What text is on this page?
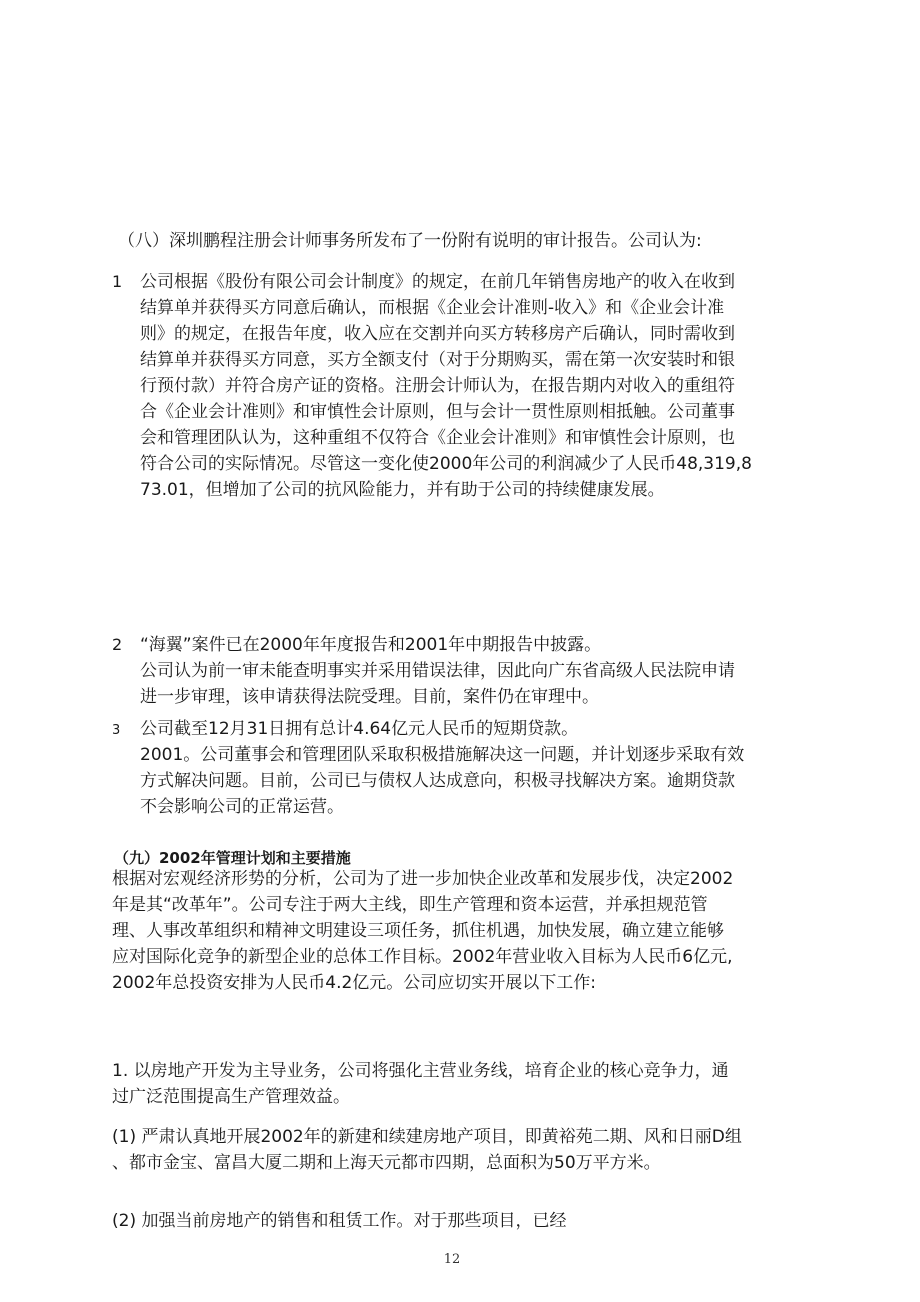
（八）深圳鹏程注册会计师事务所发布了一份附有说明的审计报告。公司认为:
1 公司根据《股份有限公司会计制度》的规定，在前几年销售房地产的收入在收到
结算单并获得买方同意后确认，而根据《企业会计准则-收入》和《企业会计准
则》的规定，在报告年度，收入应在交割并向买方转移房产后确认，同时需收到
结算单并获得买方同意，买方全额支付（对于分期购买，需在第一次安装时和银
行预付款）并符合房产证的资格。注册会计师认为，在报告期内对收入的重组符
合《企业会计准则》和审慎性会计原则，但与会计一贯性原则相抵触。公司董事
会和管理团队认为，这种重组不仅符合《企业会计准则》和审慎性会计原则，也
符合公司的实际情况。尽管这一变化使2000年公司的利润减少了人民币48,319,8
73.01，但增加了公司的抗风险能力，并有助于公司的持续健康发展。
2 “海翼”案件已在2000年年度报告和2001年中期报告中披露。
公司认为前一审未能查明事实并采用错误法律，因此向广东省高级人民法院申请
进一步审理，该申请获得法院受理。目前，案件仍在审理中。
3 公司截至12月31日拥有总计4.64亿元人民币的短期贷款。
2001。公司董事会和管理团队采取积极措施解决这一问题，并计划逐步采取有效
方式解决问题。目前，公司已与债权人达成意向，积极寻找解决方案。逾期贷款
不会影响公司的正常运营。
（九）2002年管理计划和主要措施
根据对宏观经济形势的分析，公司为了进一步加快企业改革和发展步伐，决定2002
年是其“改革年”。公司专注于两大主线，即生产管理和资本运营，并承担规范管
理、人事改革组织和精神文明建设三项任务，抓住机遇，加快发展，确立建立能够
应对国际化竞争的新型企业的总体工作目标。2002年营业收入目标为人民币6亿元,
2002年总投资安排为人民币4.2亿元。公司应切实开展以下工作:
1. 以房地产开发为主导业务，公司将强化主营业务线，培育企业的核心竞争力，通
过广泛范围提高生产管理效益。
(1) 严肃认真地开展2002年的新建和续建房地产项目，即黄裕苑二期、风和日丽D组
、都市金宝、富昌大厦二期和上海天元都市四期，总面积为50万平方米。
(2) 加强当前房地产的销售和租赁工作。对于那些项目，已经
12
